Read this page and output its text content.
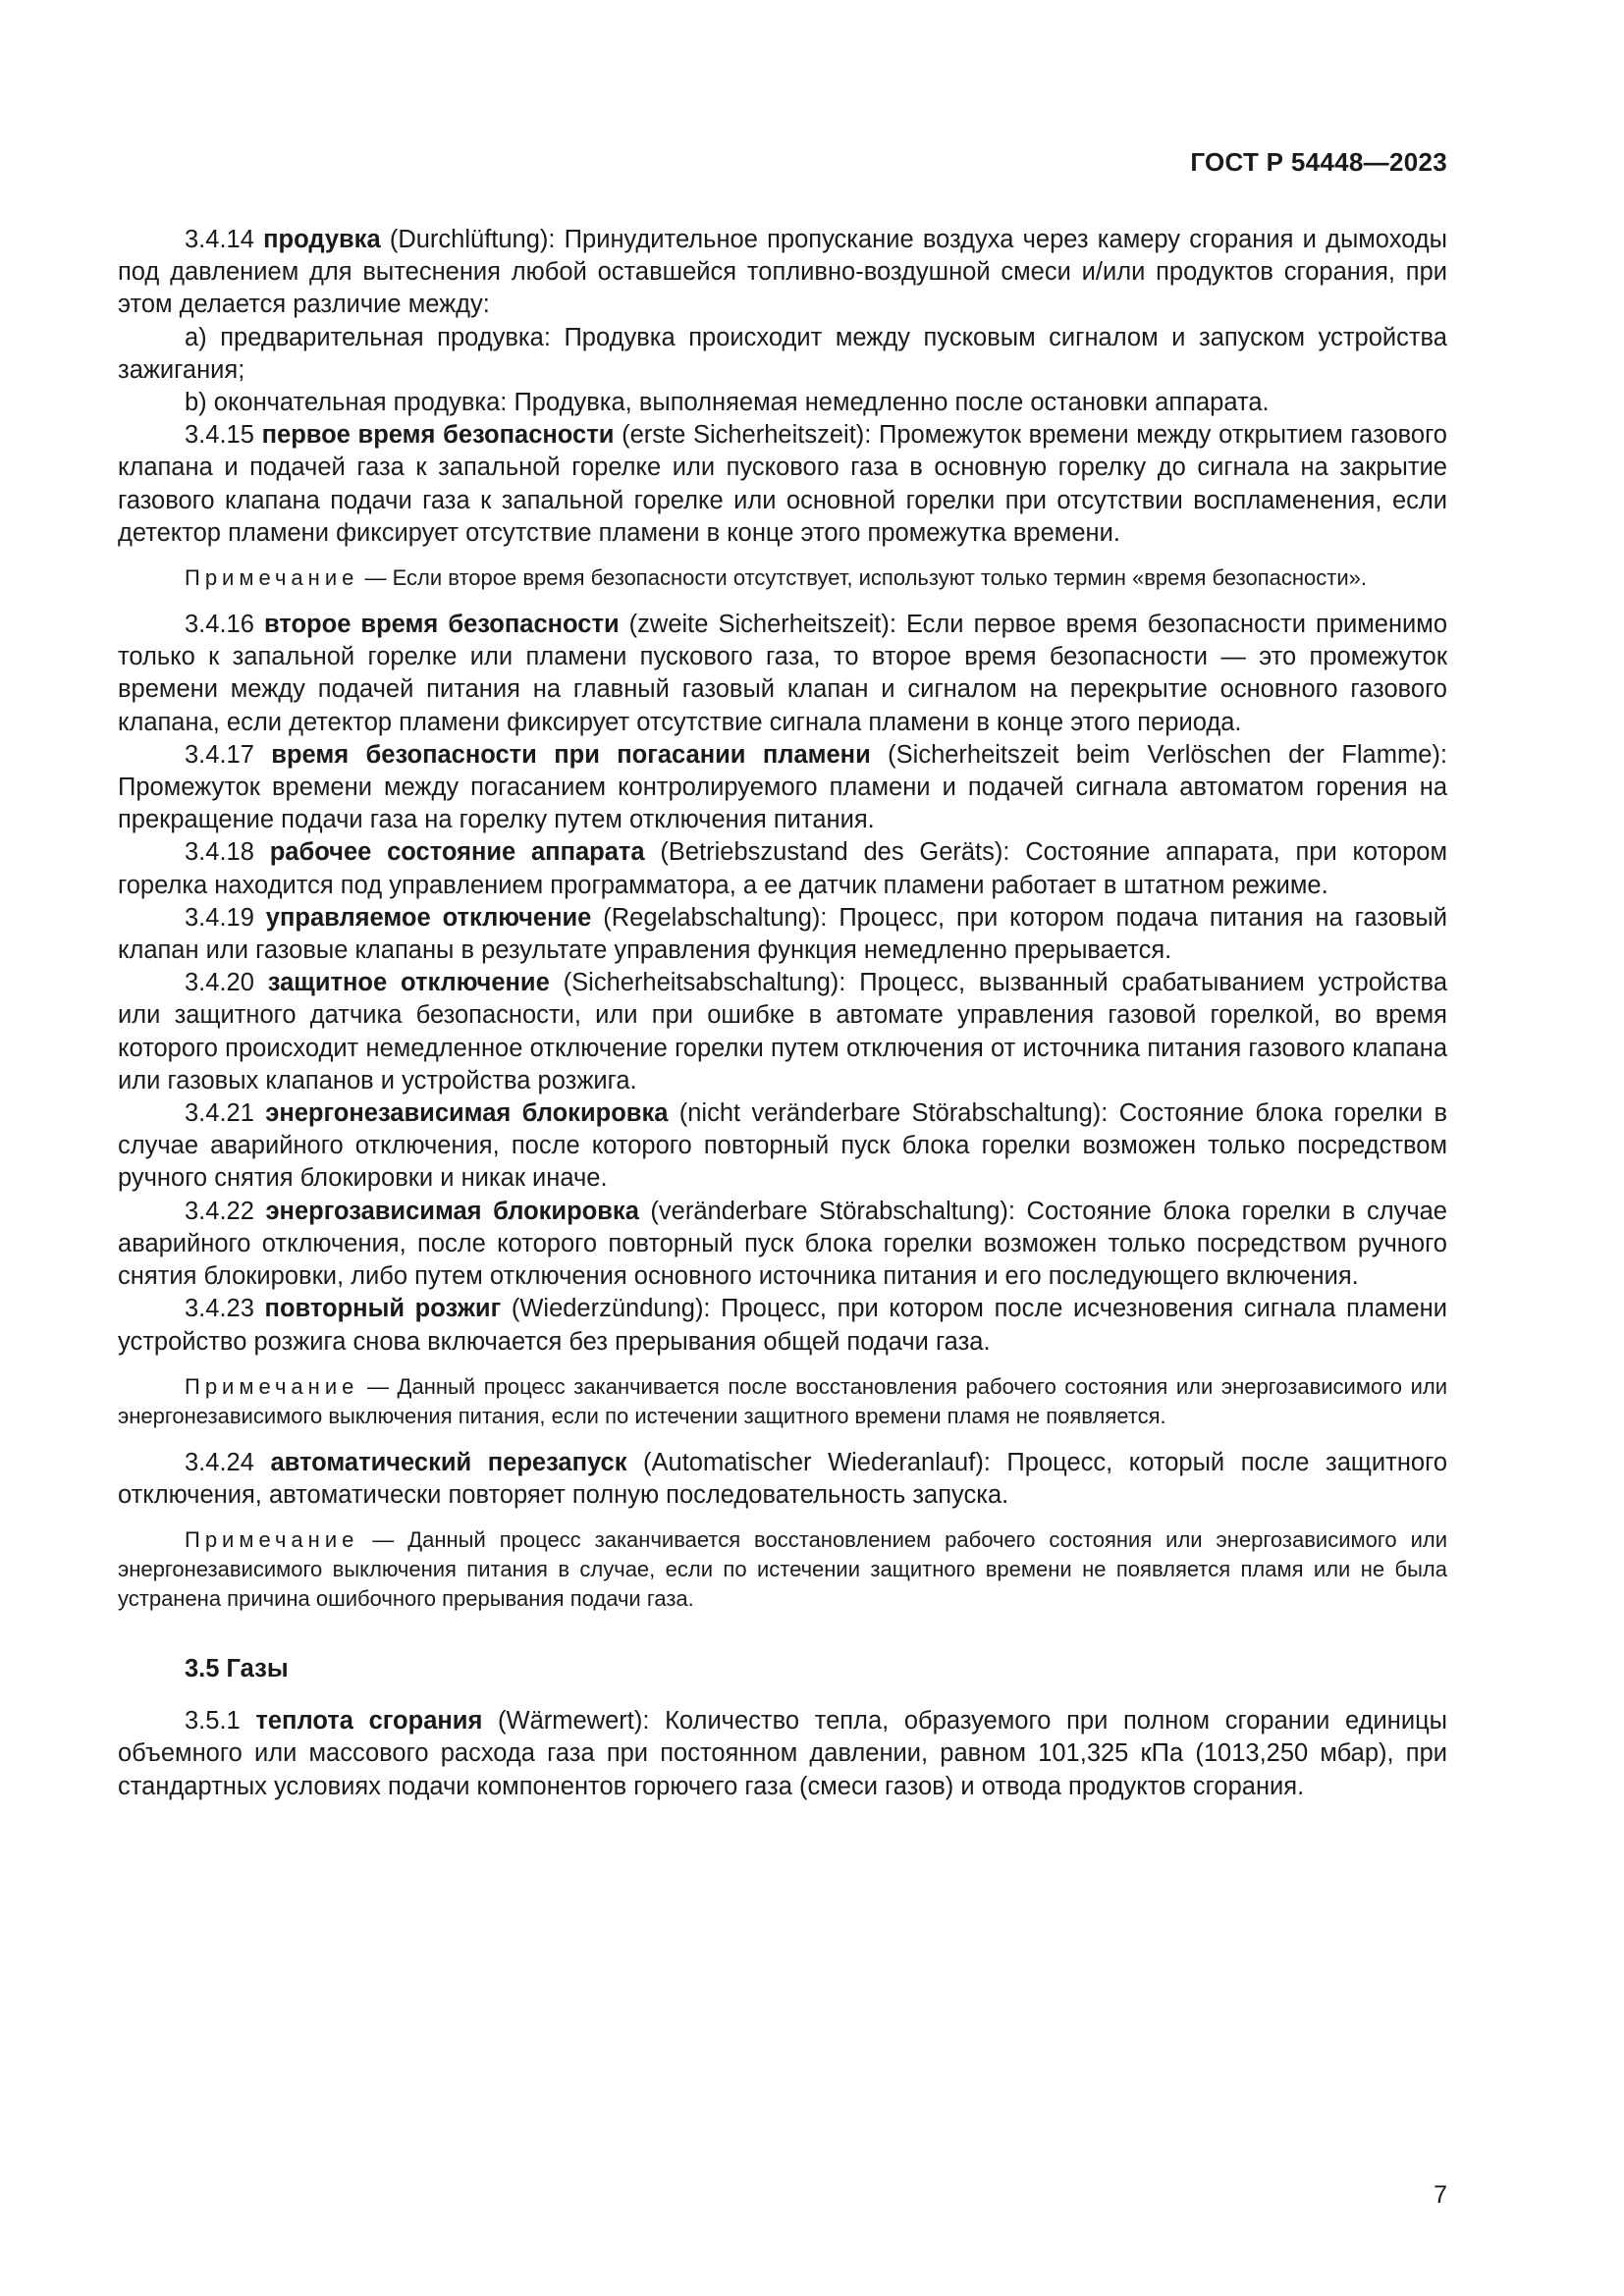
ГОСТ Р 54448—2023

3.4.14 продувка (Durchlüftung): Принудительное пропускание воздуха через камеру сгорания и дымоходы под давлением для вытеснения любой оставшейся топливно-воздушной смеси и/или продуктов сгорания, при этом делается различие между:

a) предварительная продувка: Продувка происходит между пусковым сигналом и запуском устройства зажигания;

b) окончательная продувка: Продувка, выполняемая немедленно после остановки аппарата.

3.4.15 первое время безопасности (erste Sicherheitszeit): Промежуток времени между открытием газового клапана и подачей газа к запальной горелке или пускового газа в основную горелку до сигнала на закрытие газового клапана подачи газа к запальной горелке или основной горелки при отсутствии воспламенения, если детектор пламени фиксирует отсутствие пламени в конце этого промежутка времени.

Примечание — Если второе время безопасности отсутствует, используют только термин «время безопасности».

3.4.16 второе время безопасности (zweite Sicherheitszeit): Если первое время безопасности применимо только к запальной горелке или пламени пускового газа, то второе время безопасности — это промежуток времени между подачей питания на главный газовый клапан и сигналом на перекрытие основного газового клапана, если детектор пламени фиксирует отсутствие сигнала пламени в конце этого периода.

3.4.17 время безопасности при погасании пламени (Sicherheitszeit beim Verlöschen der Flamme): Промежуток времени между погасанием контролируемого пламени и подачей сигнала автоматом горения на прекращение подачи газа на горелку путем отключения питания.

3.4.18 рабочее состояние аппарата (Betriebszustand des Geräts): Состояние аппарата, при котором горелка находится под управлением программатора, а ее датчик пламени работает в штатном режиме.

3.4.19 управляемое отключение (Regelabschaltung): Процесс, при котором подача питания на газовый клапан или газовые клапаны в результате управления функция немедленно прерывается.

3.4.20 защитное отключение (Sicherheitsabschaltung): Процесс, вызванный срабатыванием устройства или защитного датчика безопасности, или при ошибке в автомате управления газовой горелкой, во время которого происходит немедленное отключение горелки путем отключения от источника питания газового клапана или газовых клапанов и устройства розжига.

3.4.21 энергонезависимая блокировка (nicht veränderbare Störabschaltung): Состояние блока горелки в случае аварийного отключения, после которого повторный пуск блока горелки возможен только посредством ручного снятия блокировки и никак иначе.

3.4.22 энергозависимая блокировка (veränderbare Störabschaltung): Состояние блока горелки в случае аварийного отключения, после которого повторный пуск блока горелки возможен только посредством ручного снятия блокировки, либо путем отключения основного источника питания и его последующего включения.

3.4.23 повторный розжиг (Wiederzündung): Процесс, при котором после исчезновения сигнала пламени устройство розжига снова включается без прерывания общей подачи газа.

Примечание — Данный процесс заканчивается после восстановления рабочего состояния или энергозависимого или энергонезависимого выключения питания, если по истечении защитного времени пламя не появляется.

3.4.24 автоматический перезапуск (Automatischer Wiederanlauf): Процесс, который после защитного отключения, автоматически повторяет полную последовательность запуска.

Примечание — Данный процесс заканчивается восстановлением рабочего состояния или энергозависимого или энергонезависимого выключения питания в случае, если по истечении защитного времени не появляется пламя или не была устранена причина ошибочного прерывания подачи газа.

3.5 Газы

3.5.1 теплота сгорания (Wärmewert): Количество тепла, образуемого при полном сгорании единицы объемного или массового расхода газа при постоянном давлении, равном 101,325 кПа (1013,250 мбар), при стандартных условиях подачи компонентов горючего газа (смеси газов) и отвода продуктов сгорания.

7
